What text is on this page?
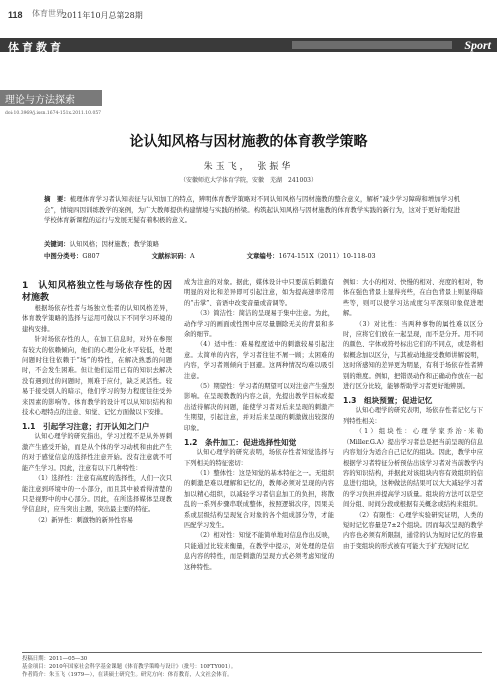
118 体育世界
2011年10月总第28期
体育教育	Sport
理论与方法探索
doi:10.3969/j.issn.1674-151x.2011.10.057
论认知风格与因材施教的体育教学策略
朱玉飞， 张振华
（安徽师范大学体育学院，安徽　芜湖　241003）
摘　要：梳理体育学习者认知表征与认知加工的特点，辨明体育教学策略对不同认知风格与因材施教的整合意义，解析“减少学习障碍和增加学习机会”，情境四因训练教学的案例，为广大教师提供构建情境与实践的桥梁。构筑起认知风格与因材施教的体育教学实践的新行为，这对于更好地促进学校体育新课程的运行与发展无疑有着积极的意义。
关键词：认知风格；因材施教；教学策略
中图分类号：G807	文献标识码：A	文章编号：1674-151X（2011）10-118-03

1　认知风格独立性与场依存性的因材施教

根据场依存性者与场独立性者的认知风格差异，体育教学策略的选择与运用可做以下不同学习环境的建构安排。

针对场依存性的人，在加工信息时，对外在参照有较大的依赖倾向，他们的心理分化水平较低，处理问题时往往依赖于“场”的特性，在解决熟悉的问题时，不会发生困难。但让他们运用已有的知识去解决没有遇到过的问题时，则难于应付，缺乏灵活性。较易于接受别人的暗示，他们学习的努力程度往往受外来因素的影响等。体育教学的设计可以从知识结构和技术心理特点的注意、知觉、记忆方面做以下安排。

1.1　引起学习注意；打开认知之门户

认知心理学的研究指出，学习过程不是从外界刺激产生感受开始，而是从个体的学习动机和由此产生的对于感觉信息的选择性注意开始。没有注意就不可能产生学习。因此，注意有以下几种特性：

（1）选择性：注意有高度的选择性，人们一次只能注意到环境中的一小部分，而且其中被看得清楚的只是视野中的中心部分。因此，在所选择媒体呈现教学信息时，应当突出主题，突出最主要的特征。

（2）新异性：刺激物的新异性容易

成为注意的对象。据此，媒体设计中只要前后刺激有明显的对比和差异即可引起注意，如为提高速率常用的“击掌”、音语中改变音量或音调等。

（3）简洁性：简洁的呈现易于集中注意。为此，动作学习的画面或性图中应尽量删除无关的背景和多余的细节。

（4）适中性：难易程度适中的刺激较易引起注意。太简单的内容，学习者往往不屑一顾；太困难的内容，学习者则倾向于回避。这两种情况均难以吸引注意。

（5）期望性：学习者的期望可以对注意产生强烈影响。在呈现教教的内容之前，先提出教学目标或提出适待解决的问题，能使学习者对后来呈现的刺激产生期望，引起注意，并对后来呈现的刺激做出较深的印象。

1.2　条件加工：促进选择性知觉

认知心理学的研究表明，场依存性者知觉选择与下列相关的特征密切：

（1）整体性：这是知觉的基本特征之一。无组织的刺激是难以理解和记忆的，教师必须对呈现的内容加以精心组织，以减轻学习者信息加工的负担，将散乱的一系列步骤串联成整体，按照逻辑次序，因果关系或层级结构呈现复合对象的各个组成部分等，才能匹配学习发生。

（2）相对性：知觉不能简单地对信息作出反映，只能通过比较来衡量，在教学中提示，对处理的是信息内容的特性，而是刺激的呈现方式必须考虑知觉的这种特性。

例如：大小的相对、快慢的相对、亮度的相对，物体在强色背景上显得亮些，在白色背景上则显得暗些等，则可以使学习达成度匀平深刻印象促进理解。

（3）对比性：当两种事物的属性难以区分时，应将它们放在一起呈现，而不是分开。用不同的颜色、字体或符号标出它们的不同点，或是将相似概念加以区分，与其被动地接受教师讲解说明，这时所感知的差异更为明显，有利于场依存性者辨别的维度。例如，把错误动作和正确动作放在一起进行区分比较，能够帮助学习者更好地辨别。

1.3　组块预置；促进记忆

认知心理学的研究表明，场依存性者记忆与下列特性相关：

（1）组块性：心理学家乔治·米勒（Miller.G.A）提出学习者总是把当前呈现的信息内容划分为适合自己记忆的组块。因此，教学中应根据学习者特征分析预估出该学习者对当前教学内容的知识结构，并据此对该组块内容有效组织的信息进行组块，这种做法的结果可以大大减轻学习者的学习负担并提高学习质量。组块的方法可以是空间分组、时间分段或根据有关概念或结构来组织。

（2）有限性：心理学实验研究证明，人类的短时记忆容量是7±2个组块。因而每次呈现的教学内容也必须有所限制，通常的认为短时记忆的容量由于变组块的形式被有可能大于扩充短时记忆

投稿日期：2011—05—30
基金项目：2010年国家社会科学基金课题《体育教学策略与设计》（批号：10FTY001）。
作者简介：朱玉飞（1979—），在读硕士研究生。研究方向：体育教育，人文社会体育。
